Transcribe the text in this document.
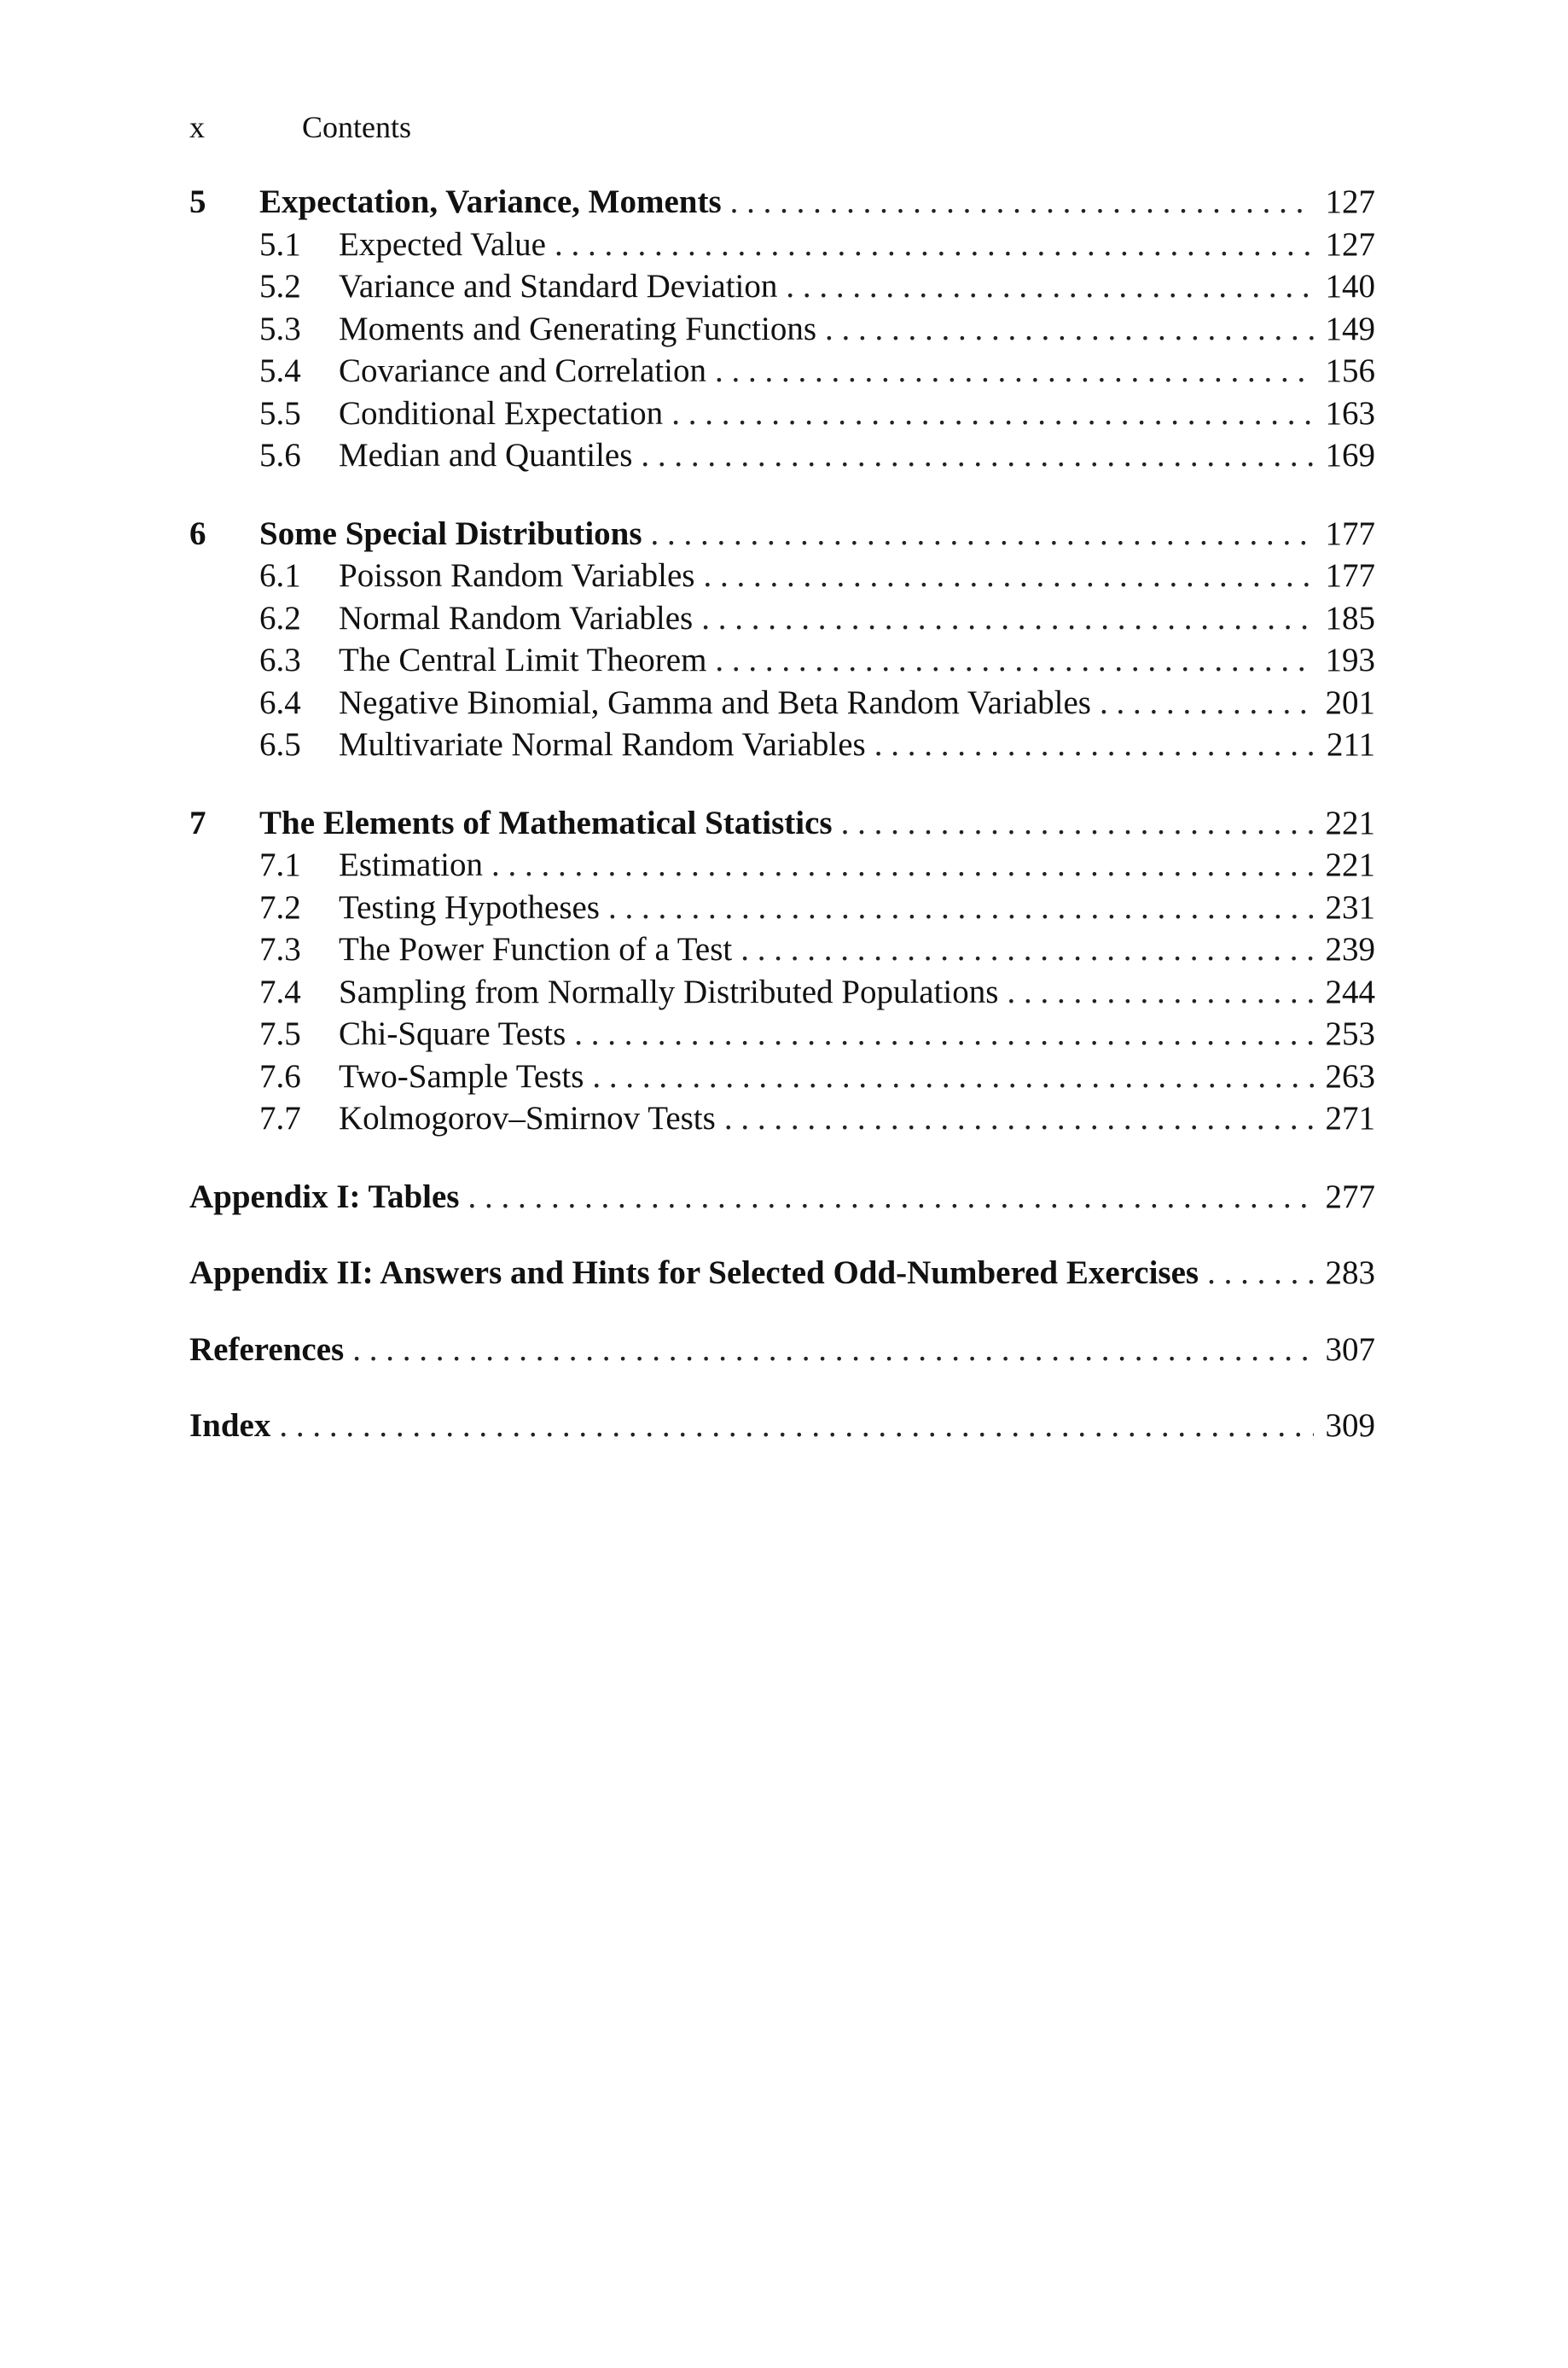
x	Contents
5	Expectation, Variance, Moments . . .	127
5.1	Expected Value . . .	127
5.2	Variance and Standard Deviation . . .	140
5.3	Moments and Generating Functions . . .	149
5.4	Covariance and Correlation . . .	156
5.5	Conditional Expectation . . .	163
5.6	Median and Quantiles . . .	169
6	Some Special Distributions . . .	177
6.1	Poisson Random Variables . . .	177
6.2	Normal Random Variables . . .	185
6.3	The Central Limit Theorem . . .	193
6.4	Negative Binomial, Gamma and Beta Random Variables . . .	201
6.5	Multivariate Normal Random Variables . . .	211
7	The Elements of Mathematical Statistics . . .	221
7.1	Estimation . . .	221
7.2	Testing Hypotheses . . .	231
7.3	The Power Function of a Test . . .	239
7.4	Sampling from Normally Distributed Populations . . .	244
7.5	Chi-Square Tests . . .	253
7.6	Two-Sample Tests . . .	263
7.7	Kolmogorov–Smirnov Tests . . .	271
Appendix I: Tables . . .	277
Appendix II: Answers and Hints for Selected Odd-Numbered Exercises . . .	283
References . . .	307
Index . . .	309
